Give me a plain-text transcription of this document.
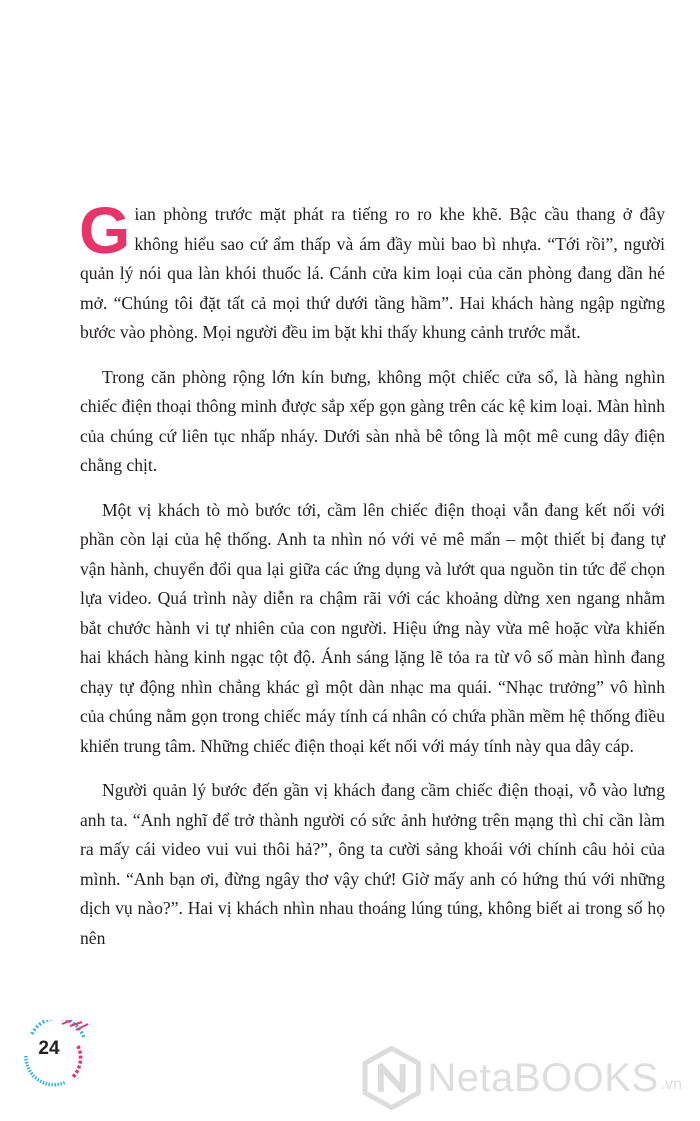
Gian phòng trước mặt phát ra tiếng ro ro khe khẽ. Bậc cầu thang ở đây không hiểu sao cứ ẩm thấp và ám đầy mùi bao bì nhựa. “Tới rồi”, người quản lý nói qua làn khói thuốc lá. Cánh cửa kim loại của căn phòng đang dần hé mở. “Chúng tôi đặt tất cả mọi thứ dưới tầng hầm”. Hai khách hàng ngập ngừng bước vào phòng. Mọi người đều im bặt khi thấy khung cảnh trước mắt.

Trong căn phòng rộng lớn kín bưng, không một chiếc cửa sổ, là hàng nghìn chiếc điện thoại thông minh được sắp xếp gọn gàng trên các kệ kim loại. Màn hình của chúng cứ liên tục nhấp nháy. Dưới sàn nhà bê tông là một mê cung dây điện chằng chịt.

Một vị khách tò mò bước tới, cầm lên chiếc điện thoại vẫn đang kết nối với phần còn lại của hệ thống. Anh ta nhìn nó với vẻ mê mẩn – một thiết bị đang tự vận hành, chuyển đổi qua lại giữa các ứng dụng và lướt qua nguồn tin tức để chọn lựa video. Quá trình này diễn ra chậm rãi với các khoảng dừng xen ngang nhằm bắt chước hành vi tự nhiên của con người. Hiệu ứng này vừa mê hoặc vừa khiến hai khách hàng kinh ngạc tột độ. Ánh sáng lặng lẽ tỏa ra từ vô số màn hình đang chạy tự động nhìn chẳng khác gì một dàn nhạc ma quái. “Nhạc trưởng” vô hình của chúng nằm gọn trong chiếc máy tính cá nhân có chứa phần mềm hệ thống điều khiển trung tâm. Những chiếc điện thoại kết nối với máy tính này qua dây cáp.

Người quản lý bước đến gần vị khách đang cầm chiếc điện thoại, vỗ vào lưng anh ta. “Anh nghĩ để trở thành người có sức ảnh hưởng trên mạng thì chỉ cần làm ra mấy cái video vui vui thôi hả?”, ông ta cười sảng khoái với chính câu hỏi của mình. “Anh bạn ơi, đừng ngây thơ vậy chứ! Giờ mấy anh có hứng thú với những dịch vụ nào?”. Hai vị khách nhìn nhau thoáng lúng túng, không biết ai trong số họ nên

24
NetaBOOKS .vn
